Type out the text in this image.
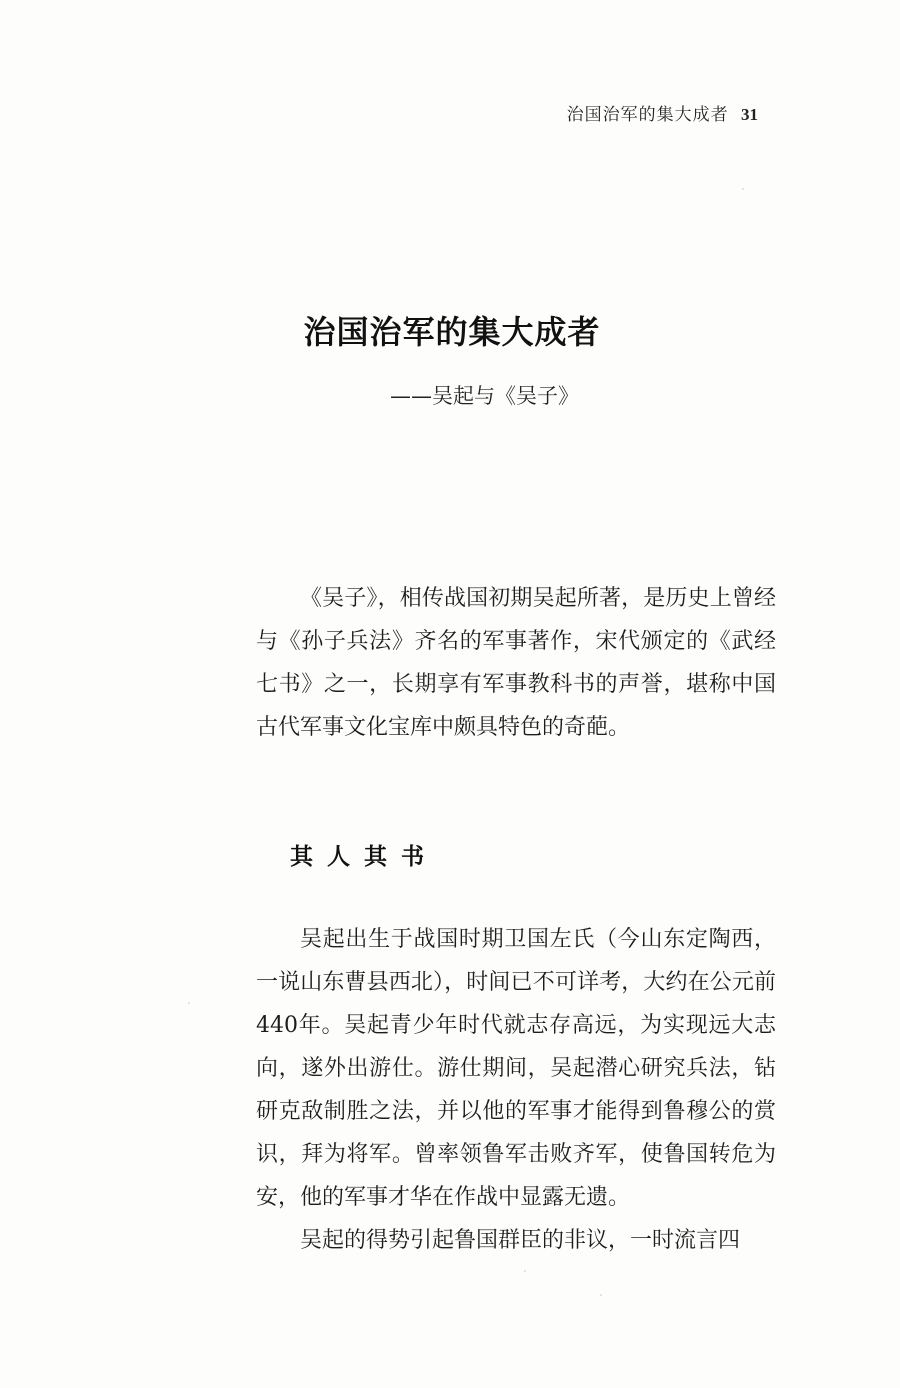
治国治军的集大成者 31
治国治军的集大成者
——吴起与《吴子》

《吴子》，相传战国初期吴起所著，是历史上曾经与《孙子兵法》齐名的军事著作，宋代颁定的《武经七书》之一，长期享有军事教科书的声誉，堪称中国古代军事文化宝库中颇具特色的奇葩。

其人其书

吴起出生于战国时期卫国左氏（今山东定陶西，一说山东曹县西北），时间已不可详考，大约在公元前440年。吴起青少年时代就志存高远，为实现远大志向，遂外出游仕。游仕期间，吴起潜心研究兵法，钻研克敌制胜之法，并以他的军事才能得到鲁穆公的赏识，拜为将军。曾率领鲁军击败齐军，使鲁国转危为安，他的军事才华在作战中显露无遗。

吴起的得势引起鲁国群臣的非议，一时流言四
